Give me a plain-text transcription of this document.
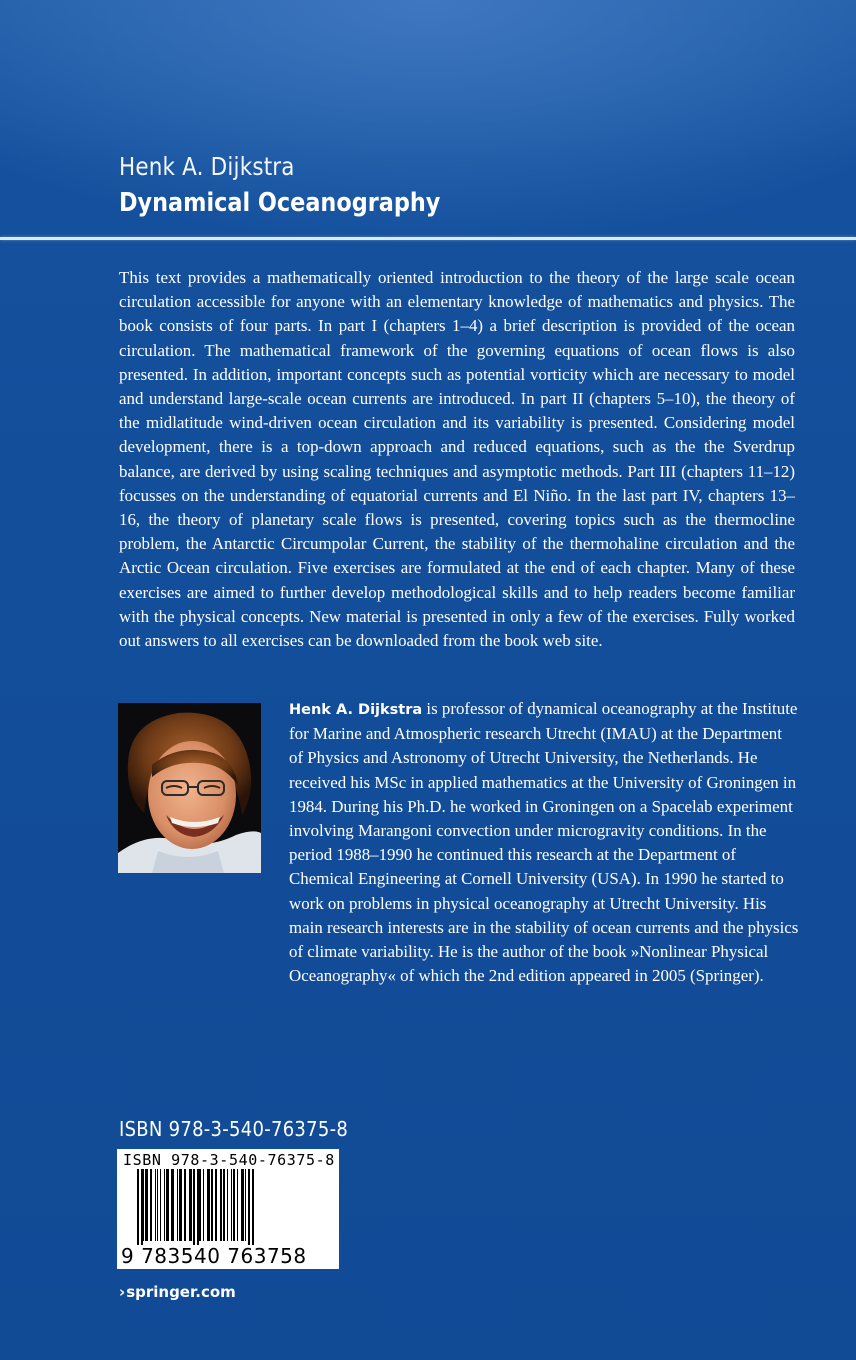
Henk A. Dijkstra
Dynamical Oceanography

This text provides a mathematically oriented introduction to the theory of the large scale ocean circulation accessible for anyone with an elementary knowledge of mathematics and physics. The book consists of four parts. In part I (chapters 1–4) a brief description is provided of the ocean circulation. The mathematical framework of the governing equations of ocean flows is also presented. In addition, important concepts such as potential vorticity which are necessary to model and understand large-scale ocean currents are introduced. In part II (chapters 5–10), the theory of the midlatitude wind-driven ocean circulation and its variability is presented. Considering model development, there is a top-down approach and reduced equations, such as the the Sverdrup balance, are derived by using scaling techniques and asymptotic methods. Part III (chapters 11–12) focusses on the understanding of equatorial currents and El Niño. In the last part IV, chapters 13–16, the theory of planetary scale flows is presented, covering topics such as the thermocline problem, the Antarctic Circumpolar Current, the stability of the thermohaline circulation and the Arctic Ocean circulation. Five exercises are formulated at the end of each chapter. Many of these exercises are aimed to further develop methodological skills and to help readers become familiar with the physical concepts. New material is presented in only a few of the exercises. Fully worked out answers to all exercises can be downloaded from the book web site.

Henk A. Dijkstra is professor of dynamical oceanography at the Institute for Marine and Atmospheric research Utrecht (IMAU) at the Department of Physics and Astronomy of Utrecht University, the Netherlands. He received his MSc in applied mathematics at the University of Groningen in 1984. During his Ph.D. he worked in Groningen on a Spacelab experiment involving Marangoni convection under microgravity conditions. In the period 1988–1990 he continued this research at the Department of Chemical Engineering at Cornell University (USA). In 1990 he started to work on problems in physical oceanography at Utrecht University. His main research interests are in the stability of ocean currents and the physics of climate variability. He is the author of the book »Nonlinear Physical Oceanography« of which the 2nd edition appeared in 2005 (Springer).

ISBN 978-3-540-76375-8
ISBN 978-3-540-76375-8
9 783540 763758
›springer.com
